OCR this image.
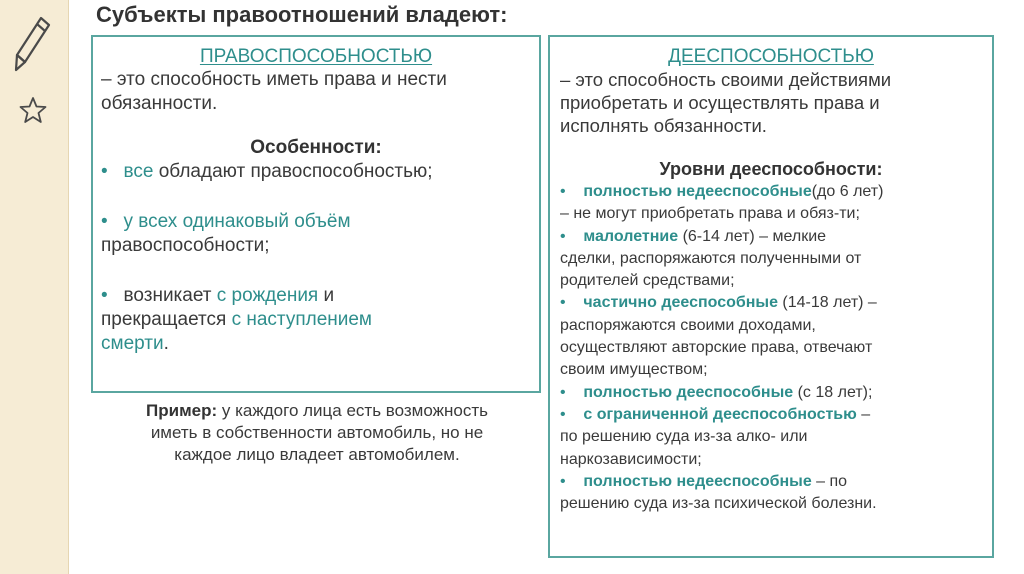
Субъекты правоотношений владеют:
ПРАВОСПОСОБНОСТЬЮ
– это способность иметь права и нести
обязанности.
Особенности:
• все обладают правоспособностью;
• у всех одинаковый объём
правоспособности;
• возникает с рождения и
прекращается с наступлением
смерти.
Пример: у каждого лица есть возможность
иметь в собственности автомобиль, но не
каждое лицо владеет автомобилем.
ДЕЕСПОСОБНОСТЬЮ
– это способность своими действиями
приобретать и осуществлять права и
исполнять обязанности.
Уровни дееспособности:
• полностью недееспособные(до 6 лет)
– не могут приобретать права и обяз-ти;
• малолетние (6-14 лет) – мелкие
сделки, распоряжаются полученными от
родителей средствами;
• частично дееспособные (14-18 лет) –
распоряжаются своими доходами,
осуществляют авторские права, отвечают
своим имуществом;
• полностью дееспособные (с 18 лет);
• с ограниченной дееспособностью –
по решению суда из-за алко- или
наркозависимости;
• полностью недееспособные – по
решению суда из-за психической болезни.
